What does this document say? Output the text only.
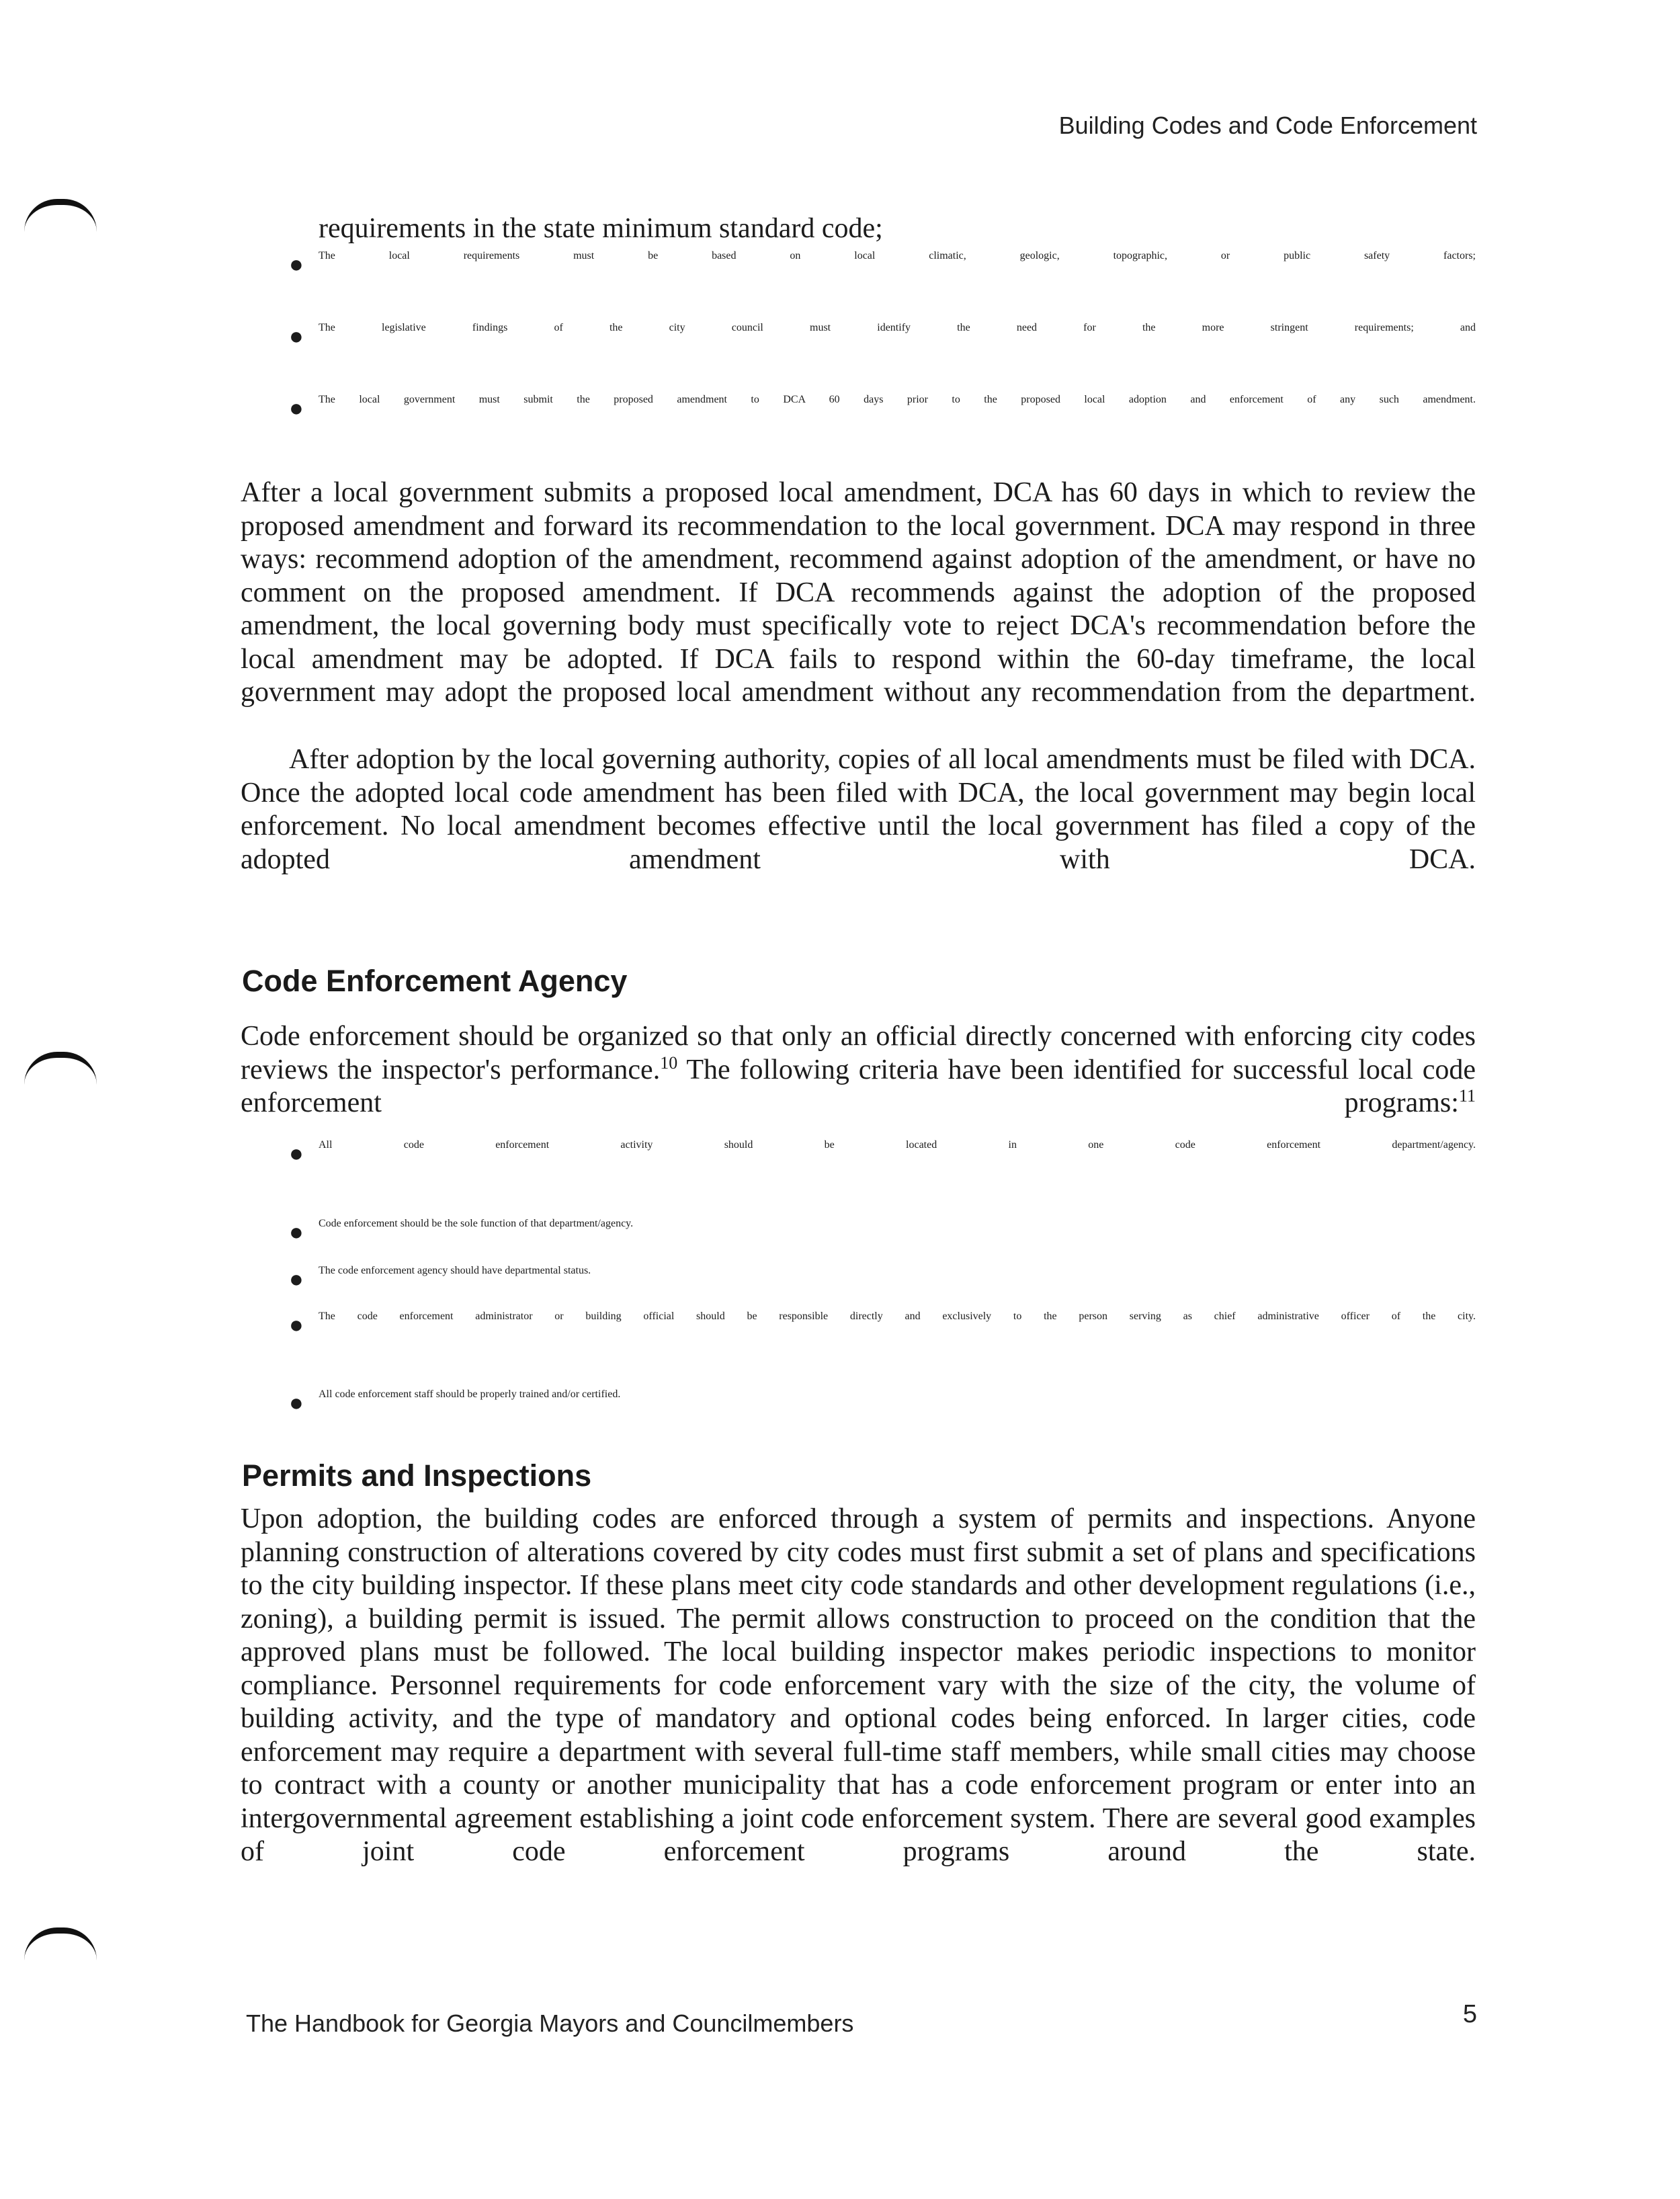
Building Codes and Code Enforcement
requirements in the state minimum standard code;
● The local requirements must be based on local climatic, geologic, topographic, or public safety factors;
● The legislative findings of the city council must identify the need for the more stringent requirements; and
● The local government must submit the proposed amendment to DCA 60 days prior to the proposed local adoption and enforcement of any such amendment.

After a local government submits a proposed local amendment, DCA has 60 days in which to review the proposed amendment and forward its recommendation to the local government. DCA may respond in three ways: recommend adoption of the amendment, recommend against adoption of the amendment, or have no comment on the proposed amendment. If DCA recommends against the adoption of the proposed amendment, the local governing body must specifically vote to reject DCA's recommendation before the local amendment may be adopted. If DCA fails to respond within the 60-day timeframe, the local government may adopt the proposed local amendment without any recommendation from the department.

After adoption by the local governing authority, copies of all local amendments must be filed with DCA. Once the adopted local code amendment has been filed with DCA, the local government may begin local enforcement. No local amendment becomes effective until the local government has filed a copy of the adopted amendment with DCA.

Code Enforcement Agency

Code enforcement should be organized so that only an official directly concerned with enforcing city codes reviews the inspector's performance.$^{10}$ The following criteria have been identified for successful local code enforcement programs:$^{11}$

● All code enforcement activity should be located in one code enforcement department/agency.
● Code enforcement should be the sole function of that department/agency.
● The code enforcement agency should have departmental status.
● The code enforcement administrator or building official should be responsible directly and exclusively to the person serving as chief administrative officer of the city.
● All code enforcement staff should be properly trained and/or certified.
Permits and Inspections

Upon adoption, the building codes are enforced through a system of permits and inspections. Anyone planning construction of alterations covered by city codes must first submit a set of plans and specifications to the city building inspector. If these plans meet city code standards and other development regulations (i.e., zoning), a building permit is issued. The permit allows construction to proceed on the condition that the approved plans must be followed. The local building inspector makes periodic inspections to monitor compliance. Personnel requirements for code enforcement vary with the size of the city, the volume of building activity, and the type of mandatory and optional codes being enforced. In larger cities, code enforcement may require a department with several full-time staff members, while small cities may choose to contract with a county or another municipality that has a code enforcement program or enter into an intergovernmental agreement establishing a joint code enforcement system. There are several good examples of joint code enforcement programs around the state.

The Handbook for Georgia Mayors and Councilmembers	5
